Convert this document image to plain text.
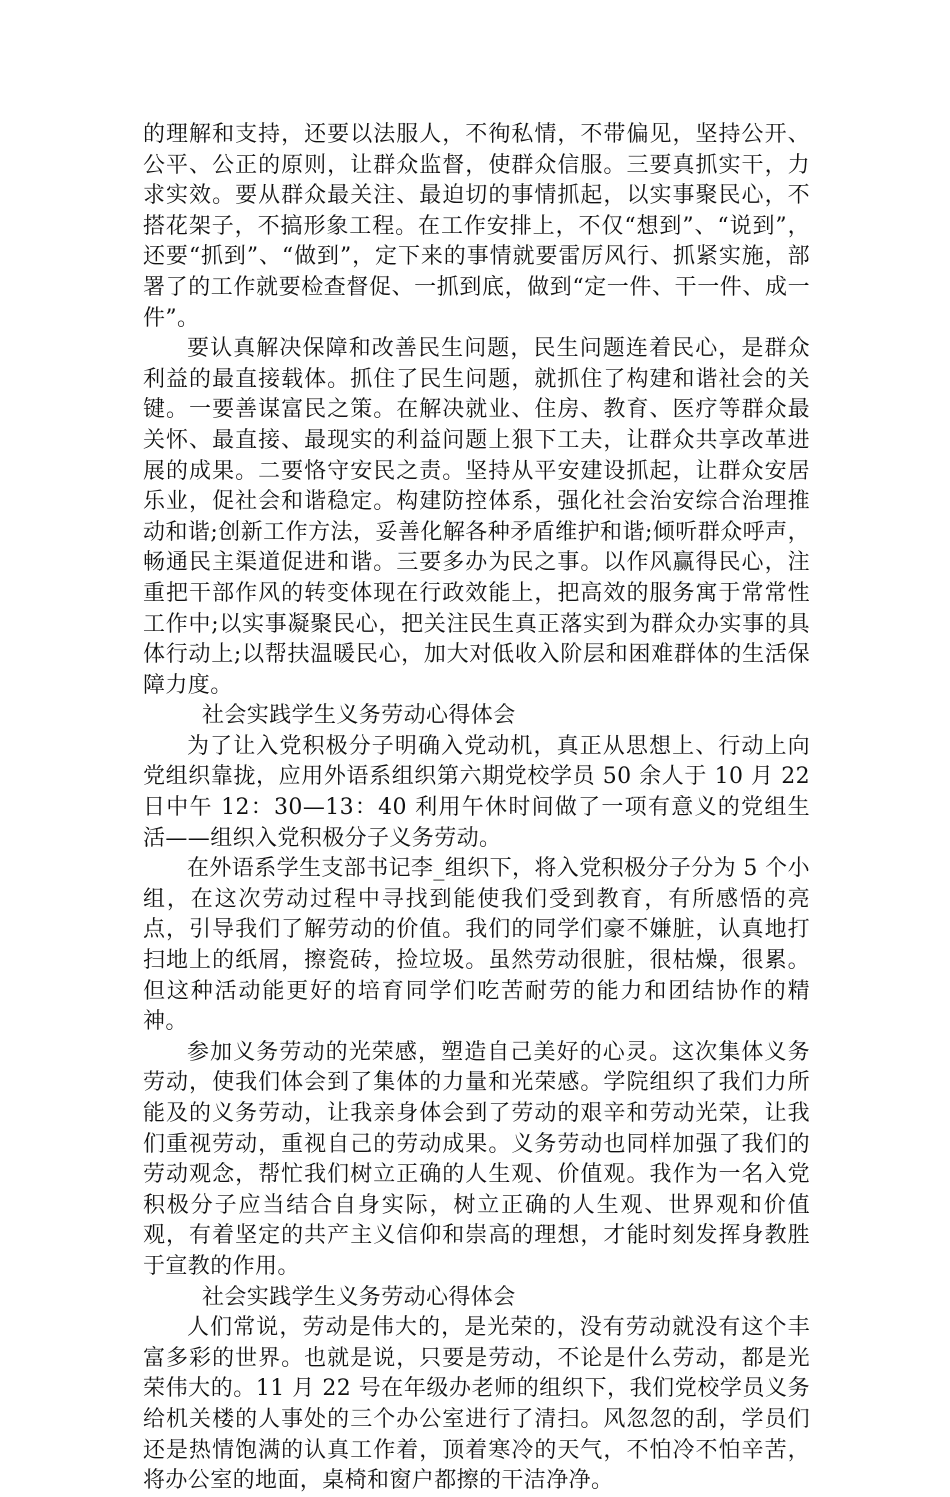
的理解和支持，还要以法服人，不徇私情，不带偏见，坚持公开、公平、公正的原则，让群众监督，使群众信服。三要真抓实干，力求实效。要从群众最关注、最迫切的事情抓起，以实事聚民心，不搭花架子，不搞形象工程。在工作安排上，不仅“想到”、“说到”，还要“抓到”、“做到”，定下来的事情就要雷厉风行、抓紧实施，部署了的工作就要检查督促、一抓到底，做到“定一件、干一件、成一件”。

要认真解决保障和改善民生问题，民生问题连着民心，是群众利益的最直接载体。抓住了民生问题，就抓住了构建和谐社会的关键。一要善谋富民之策。在解决就业、住房、教育、医疗等群众最关怀、最直接、最现实的利益问题上狠下工夫，让群众共享改革进展的成果。二要恪守安民之责。坚持从平安建设抓起，让群众安居乐业，促社会和谐稳定。构建防控体系，强化社会治安综合治理推动和谐;创新工作方法，妥善化解各种矛盾维护和谐;倾听群众呼声，畅通民主渠道促进和谐。三要多办为民之事。以作风赢得民心，注重把干部作风的转变体现在行政效能上，把高效的服务寓于常常性工作中;以实事凝聚民心，把关注民生真正落实到为群众办实事的具体行动上;以帮扶温暖民心，加大对低收入阶层和困难群体的生活保障力度。

社会实践学生义务劳动心得体会

为了让入党积极分子明确入党动机，真正从思想上、行动上向党组织靠拢，应用外语系组织第六期党校学员 50 余人于 10 月 22 日中午 12：30—13：40 利用午休时间做了一项有意义的党组生活——组织入党积极分子义务劳动。

在外语系学生支部书记李_组织下，将入党积极分子分为 5 个小组，在这次劳动过程中寻找到能使我们受到教育，有所感悟的亮点，引导我们了解劳动的价值。我们的同学们豪不嫌脏，认真地打扫地上的纸屑，擦瓷砖，捡垃圾。虽然劳动很脏，很枯燥，很累。但这种活动能更好的培育同学们吃苦耐劳的能力和团结协作的精神。

参加义务劳动的光荣感，塑造自己美好的心灵。这次集体义务劳动，使我们体会到了集体的力量和光荣感。学院组织了我们力所能及的义务劳动，让我亲身体会到了劳动的艰辛和劳动光荣，让我们重视劳动，重视自己的劳动成果。义务劳动也同样加强了我们的劳动观念，帮忙我们树立正确的人生观、价值观。我作为一名入党积极分子应当结合自身实际，树立正确的人生观、世界观和价值观，有着坚定的共产主义信仰和崇高的理想，才能时刻发挥身教胜于宣教的作用。

社会实践学生义务劳动心得体会

人们常说，劳动是伟大的，是光荣的，没有劳动就没有这个丰富多彩的世界。也就是说，只要是劳动，不论是什么劳动，都是光荣伟大的。11 月 22 号在年级办老师的组织下，我们党校学员义务给机关楼的人事处的三个办公室进行了清扫。风忽忽的刮，学员们还是热情饱满的认真工作着，顶着寒冷的天气，不怕冷不怕辛苦，将办公室的地面，桌椅和窗户都擦的干洁净净。
